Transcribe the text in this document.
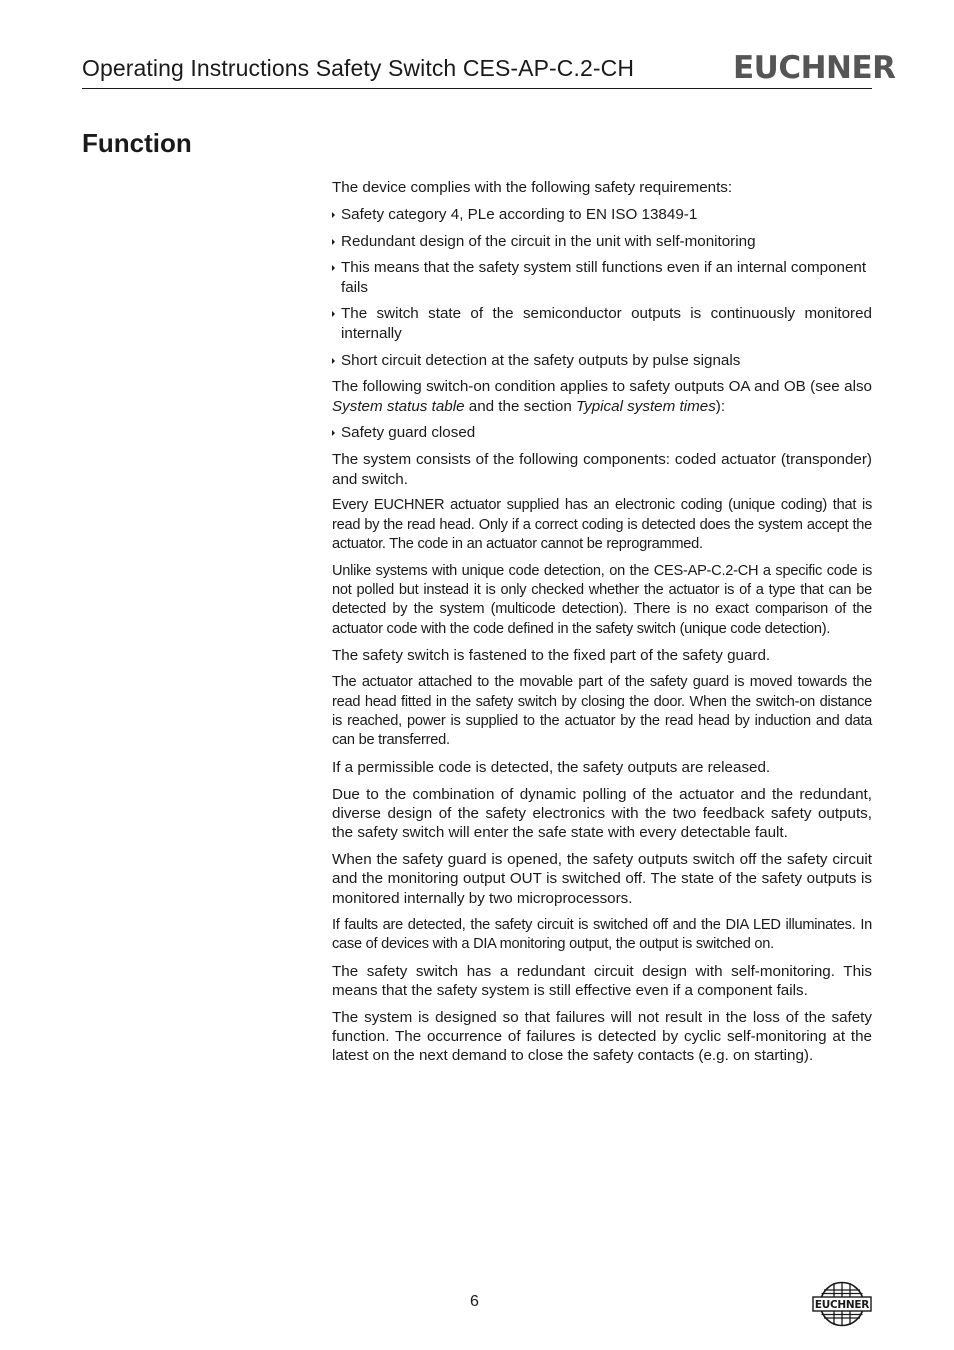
Operating Instructions Safety Switch CES-AP-C.2-CH	EUCHNER
Function

The device complies with the following safety requirements:

Safety category 4, PLe according to EN ISO 13849-1
Redundant design of the circuit in the unit with self-monitoring
This means that the safety system still functions even if an internal component fails
The switch state of the semiconductor outputs is continuously monitored internally
Short circuit detection at the safety outputs by pulse signals

The following switch-on condition applies to safety outputs OA and OB (see also System status table and the section Typical system times):

Safety guard closed

The system consists of the following components: coded actuator (transponder) and switch.

Every EUCHNER actuator supplied has an electronic coding (unique coding) that is read by the read head. Only if a correct coding is detected does the system accept the actuator. The code in an actuator cannot be reprogrammed.

Unlike systems with unique code detection, on the CES-AP-C.2-CH a specific code is not polled but instead it is only checked whether the actuator is of a type that can be detected by the system (multicode detection). There is no exact comparison of the actuator code with the code defined in the safety switch (unique code detection).

The safety switch is fastened to the fixed part of the safety guard.

The actuator attached to the movable part of the safety guard is moved towards the read head fitted in the safety switch by closing the door. When the switch-on distance is reached, power is supplied to the actuator by the read head by induction and data can be transferred.

If a permissible code is detected, the safety outputs are released.

Due to the combination of dynamic polling of the actuator and the redundant, diverse design of the safety electronics with the two feedback safety outputs, the safety switch will enter the safe state with every detectable fault.

When the safety guard is opened, the safety outputs switch off the safety circuit and the monitoring output OUT is switched off. The state of the safety outputs is monitored internally by two microprocessors.

If faults are detected, the safety circuit is switched off and the DIA LED illuminates. In case of devices with a DIA monitoring output, the output is switched on.

The safety switch has a redundant circuit design with self-monitoring. This means that the safety system is still effective even if a component fails.

The system is designed so that failures will not result in the loss of the safety function. The occurrence of failures is detected by cyclic self-monitoring at the latest on the next demand to close the safety contacts (e.g. on starting).

6	EUCHNER
